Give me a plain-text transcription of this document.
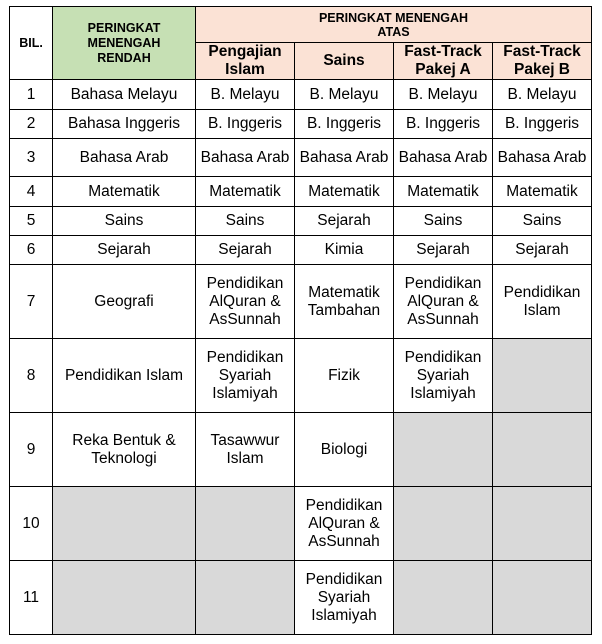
BIL.	PERINGKAT MENENGAH RENDAH	PERINGKAT MENENGAH ATAS			

		Pengajian Islam	Sains	Fast-Track Pakej A	Fast-Track Pakej B
1	Bahasa Melayu	B. Melayu	B. Melayu	B. Melayu	B. Melayu

2	Bahasa Inggeris	B. Inggeris	B. Inggeris	B. Inggeris	B. Inggeris

3	Bahasa Arab	Bahasa Arab	Bahasa Arab	Bahasa Arab	Bahasa Arab

4	Matematik	Matematik	Matematik	Matematik	Matematik

5	Sains	Sains	Sejarah	Sains	Sains

6	Sejarah	Sejarah	Kimia	Sejarah	Sejarah

7	Geografi	Pendidikan AlQuran & AsSunnah	Matematik Tambahan	Pendidikan AlQuran & AsSunnah	Pendidikan Islam

8	Pendidikan Islam	Pendidikan Syariah Islamiyah	Fizik	Pendidikan Syariah Islamiyah	

9	Reka Bentuk & Teknologi	Tasawwur Islam	Biologi		

10			Pendidikan AlQuran & AsSunnah		

11			Pendidikan Syariah Islamiyah		
